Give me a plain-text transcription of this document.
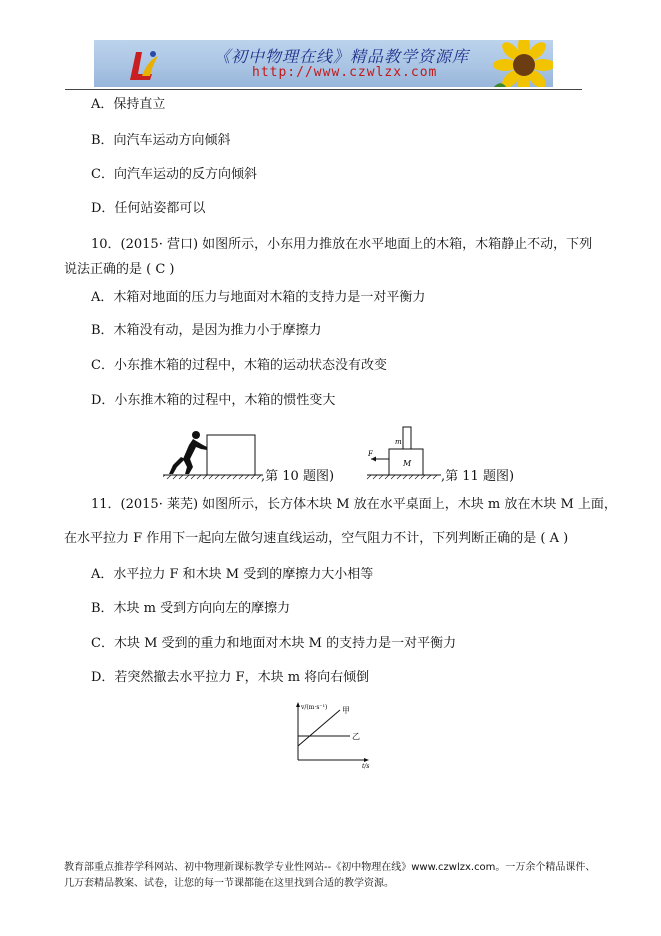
《初中物理在线》精品教学资源库
http://www.czwlzx.com
A．保持直立
B．向汽车运动方向倾斜
C．向汽车运动的反方向倾斜
D．任何站姿都可以
10．(2015· 营口) 如图所示，小东用力推放在水平地面上的木箱，木箱静止不动，下列
说法正确的是 ( C )
A．木箱对地面的压力与地面对木箱的支持力是一对平衡力
B．木箱没有动，是因为推力小于摩擦力
C．小东推木箱的过程中，木箱的运动状态没有改变
D．小东推木箱的过程中，木箱的惯性变大
,第 10 题图)
m
M
F
,第 11 题图)
11．(2015· 莱芜) 如图所示，长方体木块 M 放在水平桌面上，木块 m 放在木块 M 上面，
在水平拉力 F 作用下一起向左做匀速直线运动，空气阻力不计，下列判断正确的是 ( A )
A．水平拉力 F 和木块 M 受到的摩擦力大小相等
B．木块 m 受到方向向左的摩擦力
C．木块 M 受到的重力和地面对木块 M 的支持力是一对平衡力
D．若突然撤去水平拉力 F，木块 m 将向右倾倒
v/(m·s⁻¹) 甲
乙
t/s
教育部重点推荐学科网站、初中物理新课标教学专业性网站--《初中物理在线》www.czwlzx.com。一万余个精品课件、
几万套精品教案、试卷，让您的每一节课都能在这里找到合适的教学资源。
